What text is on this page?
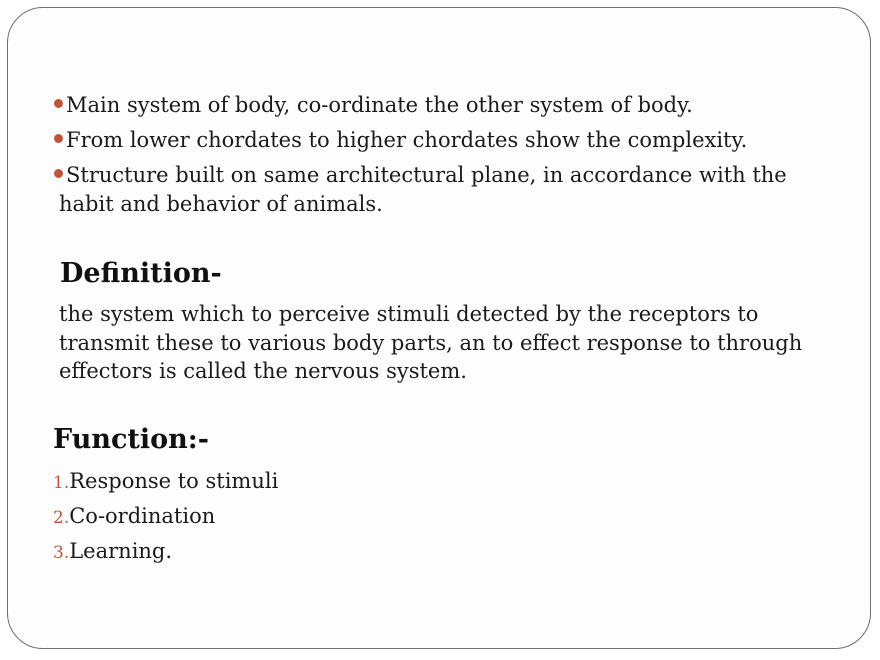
Main system of body, co-ordinate the other system of body.
From lower chordates to higher chordates show the complexity.
Structure built on same architectural plane, in accordance with the
habit and behavior of animals.
Definition-
the system which to perceive stimuli detected by the receptors to
transmit these to various body parts, an to effect response to through
effectors is called the nervous system.
Function:-
1.Response to stimuli
2.Co-ordination
3.Learning.
